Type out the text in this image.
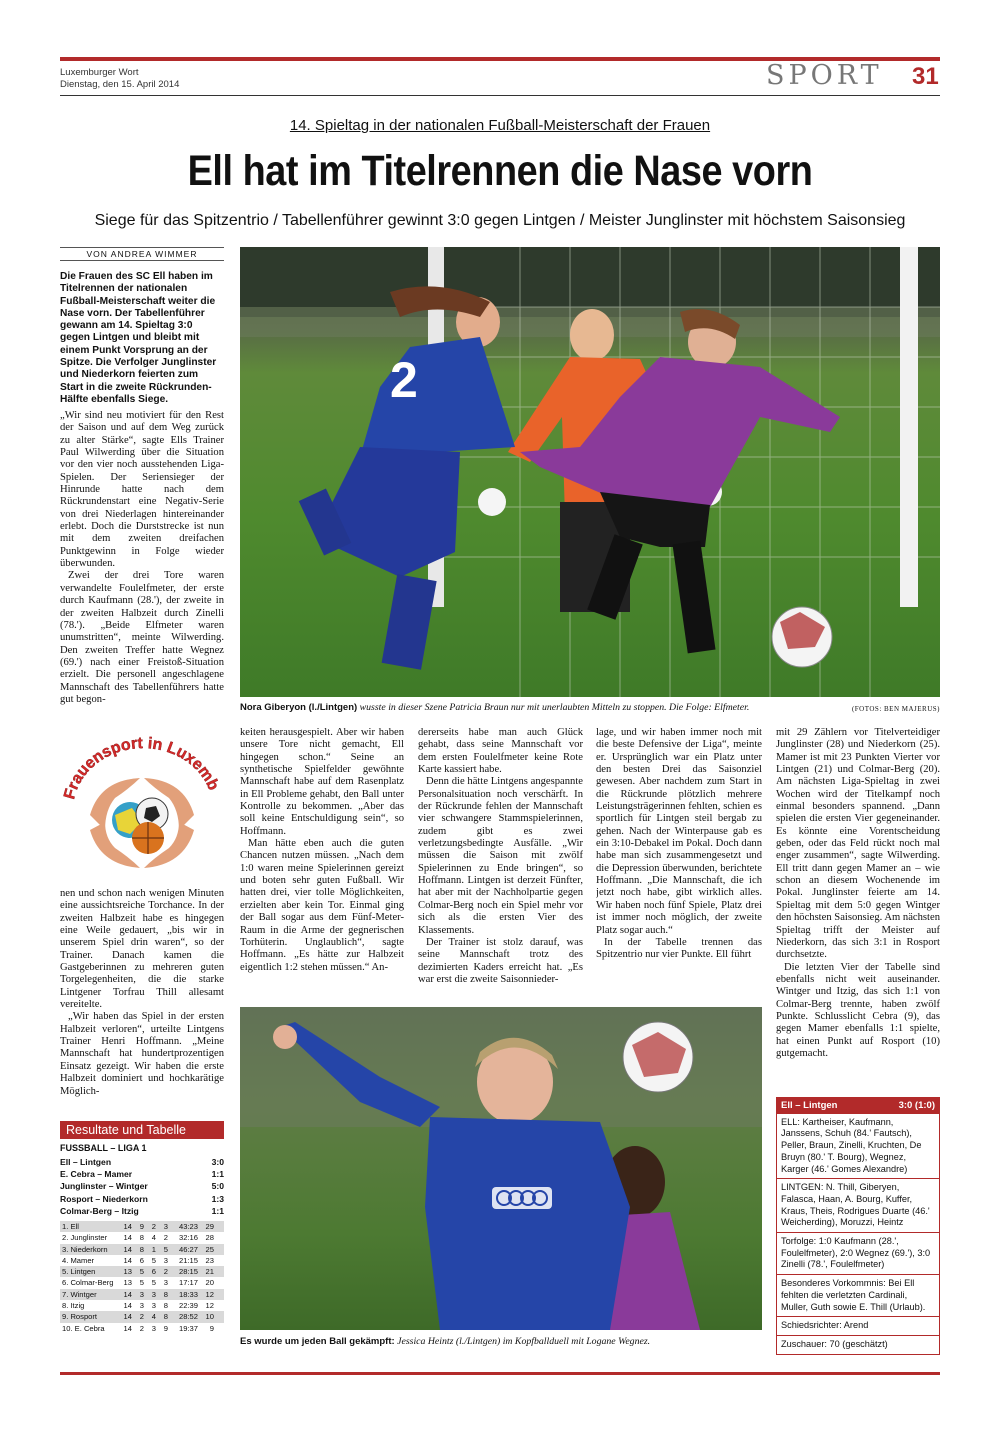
Luxemburger Wort
Dienstag, den 15. April 2014	SPORT 31
14. Spieltag in der nationalen Fußball-Meisterschaft der Frauen
Ell hat im Titelrennen die Nase vorn
Siege für das Spitzentrio / Tabellenführer gewinnt 3:0 gegen Lintgen / Meister Junglinster mit höchstem Saisonsieg
VON ANDREA WIMMER
Die Frauen des SC Ell haben im Titelrennen der nationalen Fußball-Meisterschaft weiter die Nase vorn. Der Tabellenführer gewann am 14. Spieltag 3:0 gegen Lintgen und bleibt mit einem Punkt Vorsprung an der Spitze. Die Verfolger Junglinster und Niederkorn feierten zum Start in die zweite Rückrunden-Hälfte ebenfalls Siege.

„Wir sind neu motiviert für den Rest der Saison und auf dem Weg zurück zu alter Stärke“, sagte Ells Trainer Paul Wilwerding über die Situation vor den vier noch ausstehenden Liga-Spielen. Der Seriensieger der Hinrunde hatte nach dem Rückrundenstart eine Negativ-Serie von drei Niederlagen hintereinander erlebt. Doch die Durststrecke ist nun mit dem zweiten dreifachen Punktgewinn in Folge wieder überwunden.

Zwei der drei Tore waren verwandelte Foulelfmeter, der erste durch Kaufmann (28.'), der zweite in der zweiten Halbzeit durch Zinelli (78.'). „Beide Elfmeter waren unumstritten“, meinte Wilwerding. Den zweiten Treffer hatte Wegnez (69.') nach einer Freistoß-Situation erzielt. Die personell angeschlagene Mannschaft des Tabellenführers hatte gut begon-

2
Nora Giberyon (l./Lintgen) wusste in dieser Szene Patricia Braun nur mit unerlaubten Mitteln zu stoppen. Die Folge: Elfmeter.	(FOTOS: BEN MAJERUS)
Frauensport in Luxemb

nen und schon nach wenigen Minuten eine aussichtsreiche Torchance. In der zweiten Halbzeit habe es hingegen eine Weile gedauert, „bis wir in unserem Spiel drin waren“, so der Trainer. Danach kamen die Gastgeberinnen zu mehreren guten Torgelegenheiten, die die starke Lintgener Torfrau Thill allesamt vereitelte.

„Wir haben das Spiel in der ersten Halbzeit verloren“, urteilte Lintgens Trainer Henri Hoffmann. „Meine Mannschaft hat hundertprozentigen Einsatz gezeigt. Wir haben die erste Halbzeit dominiert und hochkarätige Möglich-

Resultate und Tabelle
FUSSBALL – LIGA 1
Ell – Lintgen	3:0
E. Cebra – Mamer	1:1
Junglinster – Wintger	5:0
Rosport – Niederkorn	1:3
Colmar-Berg – Itzig	1:1
1. Ell	14	9	2	3	43:23 29
2. Junglinster	14	8	4	2	32:16 28
3. Niederkorn	14	8	1	5	46:27 25
4. Mamer	14	6	5	3	21:15 23
5. Lintgen	13	5	6	2	28:15 21
6. Colmar-Berg	13	5	5	3	17:17 20
7. Wintger	14	3	3	8	18:33 12
8. Itzig	14	3	3	8	22:39 12
9. Rosport	14	2	4	8	28:52 10
10. E. Cebra	14	2	3	9	19:37	9

keiten herausgespielt. Aber wir haben unsere Tore nicht gemacht, Ell hingegen schon.“ Seine an synthetische Spielfelder gewöhnte Mannschaft habe auf dem Rasenplatz in Ell Probleme gehabt, den Ball unter Kontrolle zu bekommen. „Aber das soll keine Entschuldigung sein“, so Hoffmann.

Man hätte eben auch die guten Chancen nutzen müssen. „Nach dem 1:0 waren meine Spielerinnen gereizt und boten sehr guten Fußball. Wir hatten drei, vier tolle Möglichkeiten, erzielten aber kein Tor. Einmal ging der Ball sogar aus dem Fünf-Meter-Raum in die Arme der gegnerischen Torhüterin. Unglaublich“, sagte Hoffmann. „Es hätte zur Halbzeit eigentlich 1:2 stehen müssen.“ An-

dererseits habe man auch Glück gehabt, dass seine Mannschaft vor dem ersten Foulelfmeter keine Rote Karte kassiert habe.

Denn die hätte Lintgens angespannte Personalsituation noch verschärft. In der Rückrunde fehlen der Mannschaft vier schwangere Stammspielerinnen, zudem gibt es zwei verletzungsbedingte Ausfälle. „Wir müssen die Saison mit zwölf Spielerinnen zu Ende bringen“, so Hoffmann. Lintgen ist derzeit Fünfter, hat aber mit der Nachholpartie gegen Colmar-Berg noch ein Spiel mehr vor sich als die ersten Vier des Klassements.

Der Trainer ist stolz darauf, was seine Mannschaft trotz des dezimierten Kaders erreicht hat. „Es war erst die zweite Saisonnieder-

lage, und wir haben immer noch mit die beste Defensive der Liga“, meinte er. Ursprünglich war ein Platz unter den besten Drei das Saisonziel gewesen. Aber nachdem zum Start in die Rückrunde plötzlich mehrere Leistungsträgerinnen fehlten, schien es sportlich für Lintgen steil bergab zu gehen. Nach der Winterpause gab es ein 3:10-Debakel im Pokal. Doch dann habe man sich zusammengesetzt und die Depression überwunden, berichtete Hoffmann. „Die Mannschaft, die ich jetzt noch habe, gibt wirklich alles. Wir haben noch fünf Spiele, Platz drei ist immer noch möglich, der zweite Platz sogar auch.“

In der Tabelle trennen das Spitzentrio nur vier Punkte. Ell führt

mit 29 Zählern vor Titelverteidiger Junglinster (28) und Niederkorn (25). Mamer ist mit 23 Punkten Vierter vor Lintgen (21) und Colmar-Berg (20). Am nächsten Liga-Spieltag in zwei Wochen wird der Titelkampf noch einmal besonders spannend. „Dann spielen die ersten Vier gegeneinander. Es könnte eine Vorentscheidung geben, oder das Feld rückt noch mal enger zusammen“, sagte Wilwerding. Ell tritt dann gegen Mamer an – wie schon an diesem Wochenende im Pokal. Junglinster feierte am 14. Spieltag mit dem 5:0 gegen Wintger den höchsten Saisonsieg. Am nächsten Spieltag trifft der Meister auf Niederkorn, das sich 3:1 in Rosport durchsetzte.

Die letzten Vier der Tabelle sind ebenfalls nicht weit auseinander. Wintger und Itzig, das sich 1:1 von Colmar-Berg trennte, haben zwölf Punkte. Schlusslicht Cebra (9), das gegen Mamer ebenfalls 1:1 spielte, hat einen Punkt auf Rosport (10) gutgemacht.

Es wurde um jeden Ball gekämpft: Jessica Heintz (l./Lintgen) im Kopfballduell mit Logane Wegnez.
Ell – Lintgen	3:0 (1:0)
ELL: Kartheiser, Kaufmann, Janssens, Schuh (84.' Fautsch), Peller, Braun, Zinelli, Kruchten, De Bruyn (80.' T. Bourg), Wegnez, Karger (46.' Gomes Alexandre)
LINTGEN: N. Thill, Giberyen, Falasca, Haan, A. Bourg, Kuffer, Kraus, Theis, Rodrigues Duarte (46.' Weicherding), Moruzzi, Heintz
Torfolge: 1:0 Kaufmann (28.', Foulelfmeter), 2:0 Wegnez (69.'), 3:0 Zinelli (78.', Foulelfmeter)
Besonderes Vorkommnis: Bei Ell fehlten die verletzten Cardinali, Muller, Guth sowie E. Thill (Urlaub).
Schiedsrichter: Arend
Zuschauer: 70 (geschätzt)
